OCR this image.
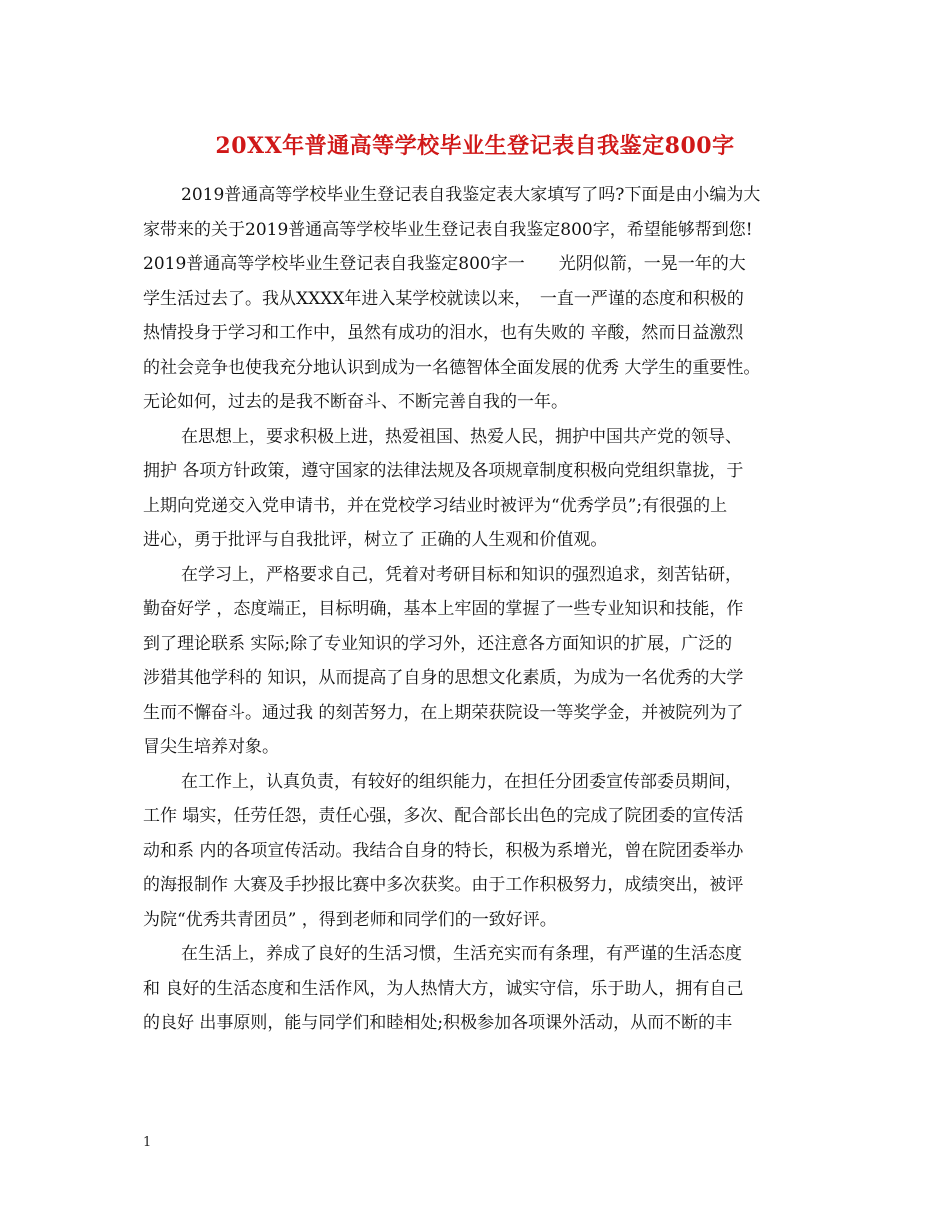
20XX年普通高等学校毕业生登记表自我鉴定800字
2019普通高等学校毕业生登记表自我鉴定表大家填写了吗?下面是由小编为大
家带来的关于2019普通高等学校毕业生登记表自我鉴定800字，希望能够帮到您!
2019普通高等学校毕业生登记表自我鉴定800字一　　光阴似箭，一晃一年的大
学生活过去了。我从XXXX年进入某学校就读以来，　一直一严谨的态度和积极的
热情投身于学习和工作中，虽然有成功的泪水，也有失败的 辛酸，然而日益激烈
的社会竞争也使我充分地认识到成为一名德智体全面发展的优秀 大学生的重要性。
无论如何，过去的是我不断奋斗、不断完善自我的一年。
在思想上，要求积极上进，热爱祖国、热爱人民，拥护中国共产党的领导、
拥护 各项方针政策，遵守国家的法律法规及各项规章制度积极向党组织靠拢，于
上期向党递交入党申请书，并在党校学习结业时被评为“优秀学员”;有很强的上
进心，勇于批评与自我批评，树立了 正确的人生观和价值观。
在学习上，严格要求自己，凭着对考研目标和知识的强烈追求，刻苦钻研，
勤奋好学 ，态度端正，目标明确，基本上牢固的掌握了一些专业知识和技能，作
到了理论联系 实际;除了专业知识的学习外，还注意各方面知识的扩展，广泛的
涉猎其他学科的 知识，从而提高了自身的思想文化素质，为成为一名优秀的大学
生而不懈奋斗。通过我 的刻苦努力，在上期荣获院设一等奖学金，并被院列为了
冒尖生培养对象。
在工作上，认真负责，有较好的组织能力，在担任分团委宣传部委员期间，
工作 塌实，任劳任怨，责任心强，多次、配合部长出色的完成了院团委的宣传活
动和系 内的各项宣传活动。我结合自身的特长，积极为系增光，曾在院团委举办
的海报制作 大赛及手抄报比赛中多次获奖。由于工作积极努力，成绩突出，被评
为院“优秀共青团员” ，得到老师和同学们的一致好评。
在生活上，养成了良好的生活习惯，生活充实而有条理，有严谨的生活态度
和 良好的生活态度和生活作风，为人热情大方，诚实守信，乐于助人，拥有自己
的良好 出事原则，能与同学们和睦相处;积极参加各项课外活动，从而不断的丰
1
